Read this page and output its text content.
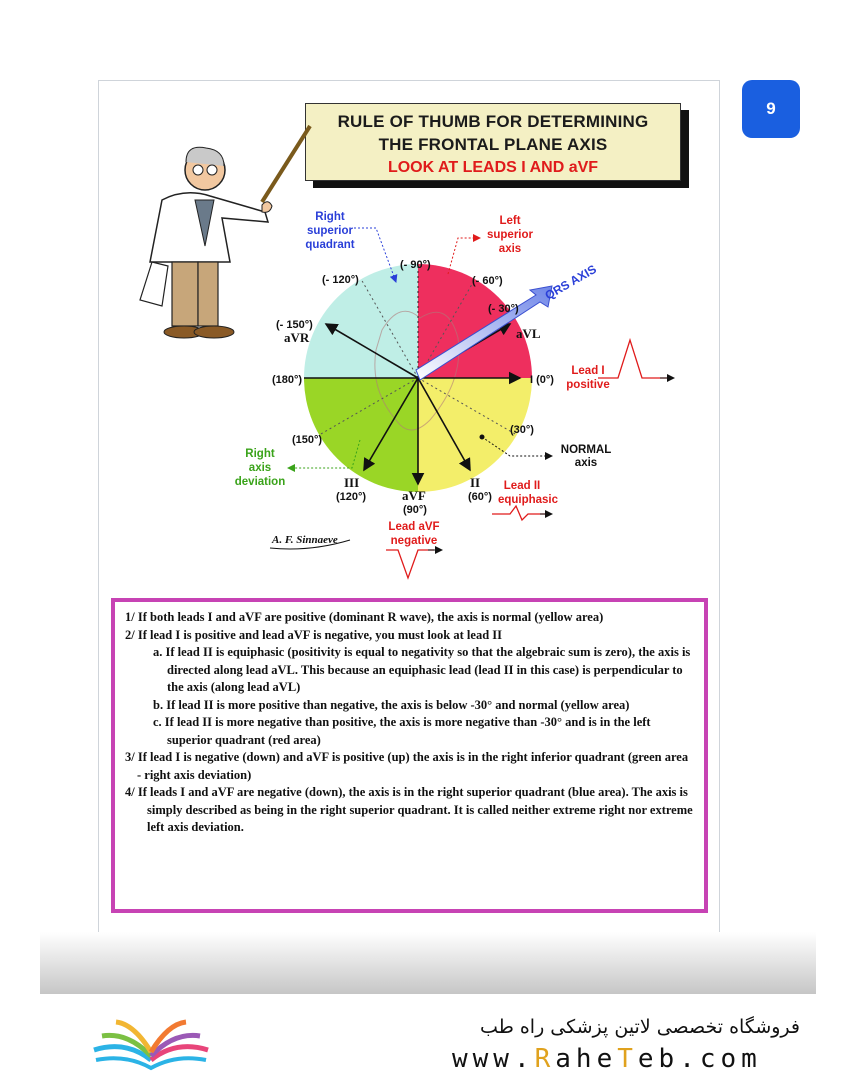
9
RULE OF THUMB FOR DETERMINING
THE FRONTAL PLANE AXIS
LOOK AT LEADS I AND aVF
(- 90°)
(- 120°)	(- 60°)
(- 30°)
(- 150°)
(180°)
(150°)
(30°)
(120°)
(90°)
(60°)
I (0°)
aVR	aVL
III
aVF
II
QRS AXIS
Right
superior
quadrant
Left
superior
axis
Right
axis
deviation
NORMAL
axis
Lead I
positive
Lead II
equiphasic
Lead aVF
negative
A. F. Sinnaeve

1/ If both leads I and aVF are positive (dominant R wave), the axis is normal (yellow area)

2/ If lead I is positive and lead aVF is negative, you must look at lead II

a. If lead II is equiphasic (positivity is equal to negativity so that the algebraic sum is zero), the axis is directed along lead aVL. This because an equiphasic lead (lead II in this case) is perpendicular to the axis (along lead aVL)

b. If lead II is more positive than negative, the axis is below -30° and normal (yellow area)

c. If lead II is more negative than positive, the axis is more negative than -30° and is in the left superior quadrant (red area)

3/ If lead I is negative (down) and aVF is positive (up) the axis is in the right inferior quadrant (green area - right axis deviation)

4/ If leads I and aVF are negative (down), the axis is in the right superior quadrant (blue area). The axis is simply described as being in the right superior quadrant. It is called neither extreme right nor extreme left axis deviation.

فروشگاه تخصصی لاتین پزشکی راه طب
www.RaheTeb.com
